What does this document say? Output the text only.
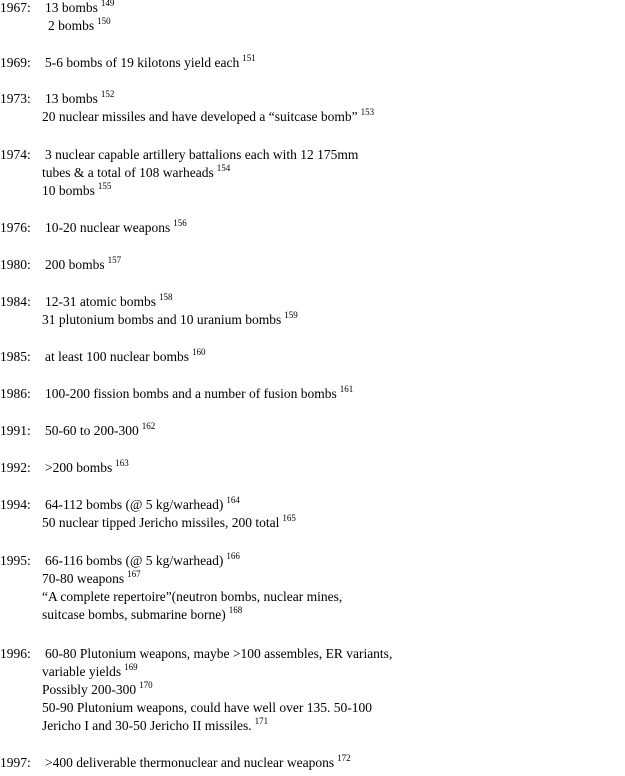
1967: 13 bombs $^{149}$
2 bombs $^{150}$
1969: 5-6 bombs of 19 kilotons yield each $^{151}$
1973: 13 bombs $^{152}$
20 nuclear missiles and have developed a “suitcase bomb” $^{153}$
1974: 3 nuclear capable artillery battalions each with 12 175mm
tubes & a total of 108 warheads $^{154}$
10 bombs $^{155}$
1976: 10-20 nuclear weapons $^{156}$
1980: 200 bombs $^{157}$
1984: 12-31 atomic bombs $^{158}$
31 plutonium bombs and 10 uranium bombs $^{159}$
1985: at least 100 nuclear bombs $^{160}$
1986: 100-200 fission bombs and a number of fusion bombs $^{161}$
1991: 50-60 to 200-300 $^{162}$
1992: >200 bombs $^{163}$
1994: 64-112 bombs (@ 5 kg/warhead) $^{164}$
50 nuclear tipped Jericho missiles, 200 total $^{165}$
1995: 66-116 bombs (@ 5 kg/warhead) $^{166}$
70-80 weapons $^{167}$
“A complete repertoire”(neutron bombs, nuclear mines,
suitcase bombs, submarine borne) $^{168}$
1996: 60-80 Plutonium weapons, maybe >100 assembles, ER variants,
variable yields $^{169}$
Possibly 200-300 $^{170}$
50-90 Plutonium weapons, could have well over 135. 50-100
Jericho I and 30-50 Jericho II missiles. $^{171}$
1997: >400 deliverable thermonuclear and nuclear weapons $^{172}$
